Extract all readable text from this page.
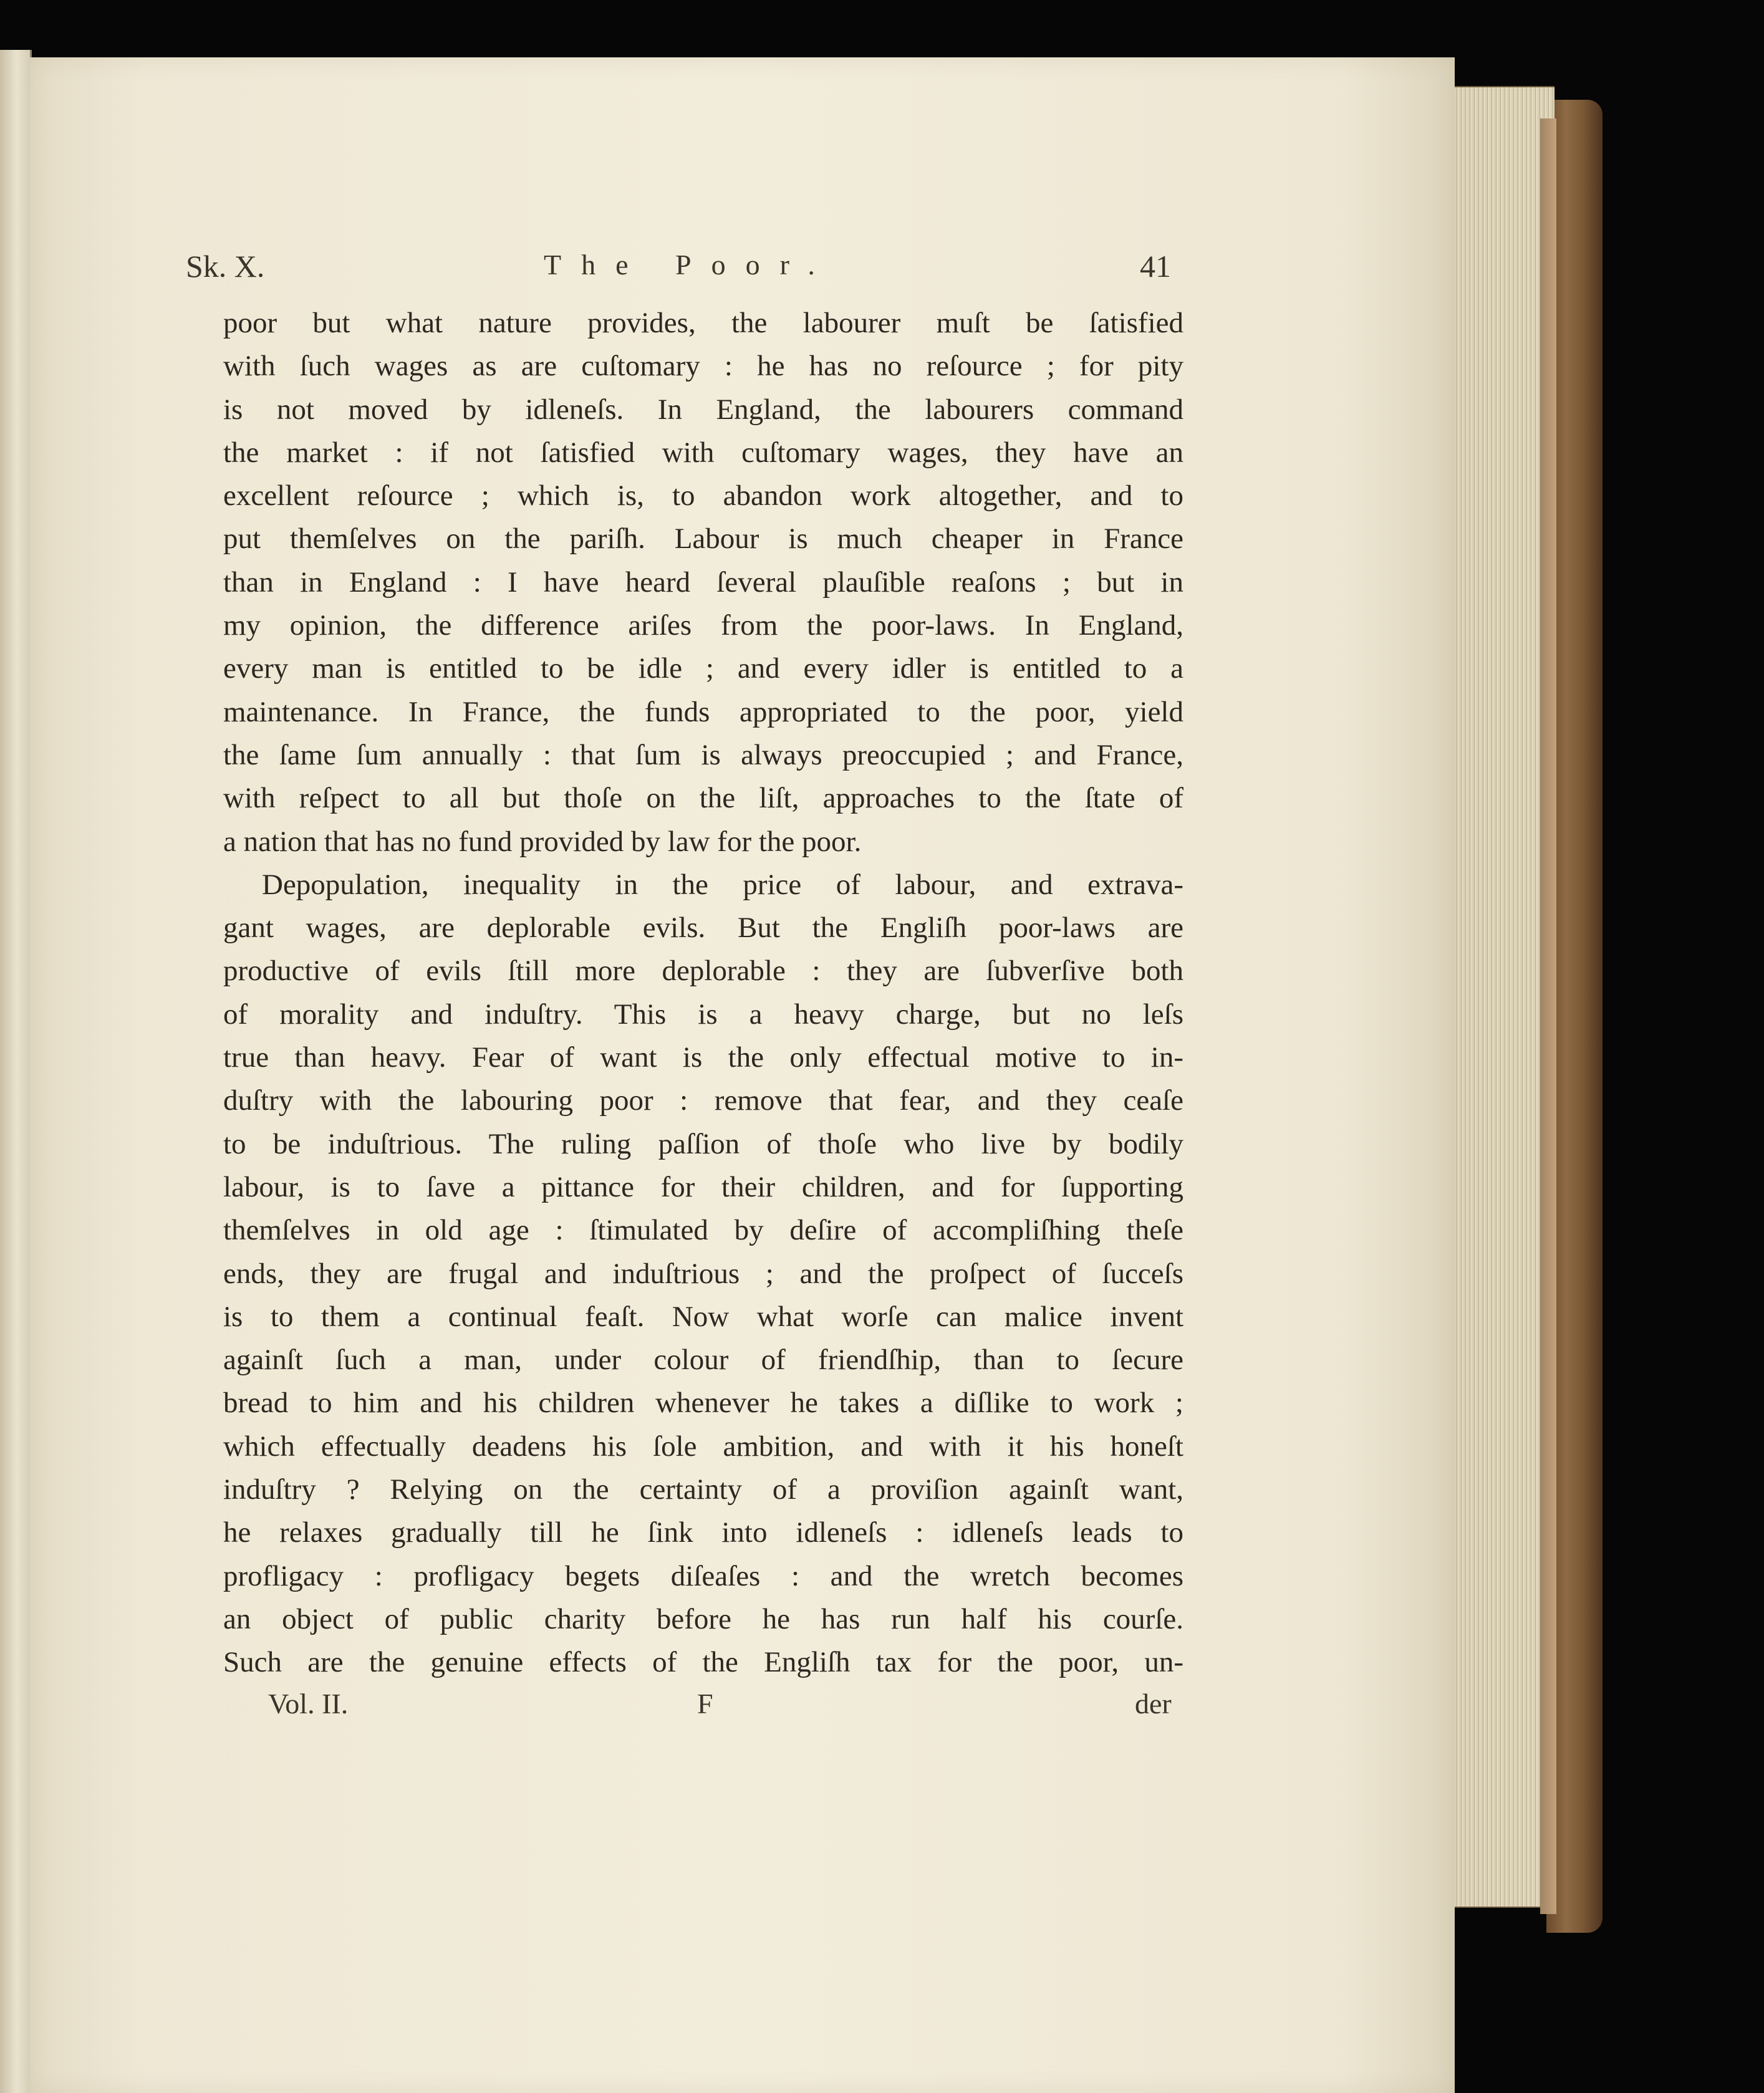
Sk. X.	The Poor.	41
poor but what nature provides, the labourer muſt be ſatisfied
with ſuch wages as are cuſtomary : he has no reſource ; for pity
is not moved by idleneſs. In England, the labourers command
the market : if not ſatisfied with cuſtomary wages, they have an
excellent reſource ; which is, to abandon work altogether, and to
put themſelves on the pariſh. Labour is much cheaper in France
than in England : I have heard ſeveral plauſible reaſons ; but in
my opinion, the difference ariſes from the poor-laws. In England,
every man is entitled to be idle ; and every idler is entitled to a
maintenance. In France, the funds appropriated to the poor, yield
the ſame ſum annually : that ſum is always preoccupied ; and France,
with reſpect to all but thoſe on the liſt, approaches to the ſtate of
a nation that has no fund provided by law for the poor.
Depopulation, inequality in the price of labour, and extrava-
gant wages, are deplorable evils. But the Engliſh poor-laws are
productive of evils ſtill more deplorable : they are ſubverſive both
of morality and induſtry. This is a heavy charge, but no leſs
true than heavy. Fear of want is the only effectual motive to in-
duſtry with the labouring poor : remove that fear, and they ceaſe
to be induſtrious. The ruling paſſion of thoſe who live by bodily
labour, is to ſave a pittance for their children, and for ſupporting
themſelves in old age : ſtimulated by deſire of accompliſhing theſe
ends, they are frugal and induſtrious ; and the proſpect of ſucceſs
is to them a continual feaſt. Now what worſe can malice invent
againſt ſuch a man, under colour of friendſhip, than to ſecure
bread to him and his children whenever he takes a diſlike to work ;
which effectually deadens his ſole ambition, and with it his honeſt
induſtry ? Relying on the certainty of a proviſion againſt want,
he relaxes gradually till he ſink into idleneſs : idleneſs leads to
profligacy : profligacy begets diſeaſes : and the wretch becomes
an object of public charity before he has run half his courſe.
Such are the genuine effects of the Engliſh tax for the poor, un-
Vol. II.	F	der
